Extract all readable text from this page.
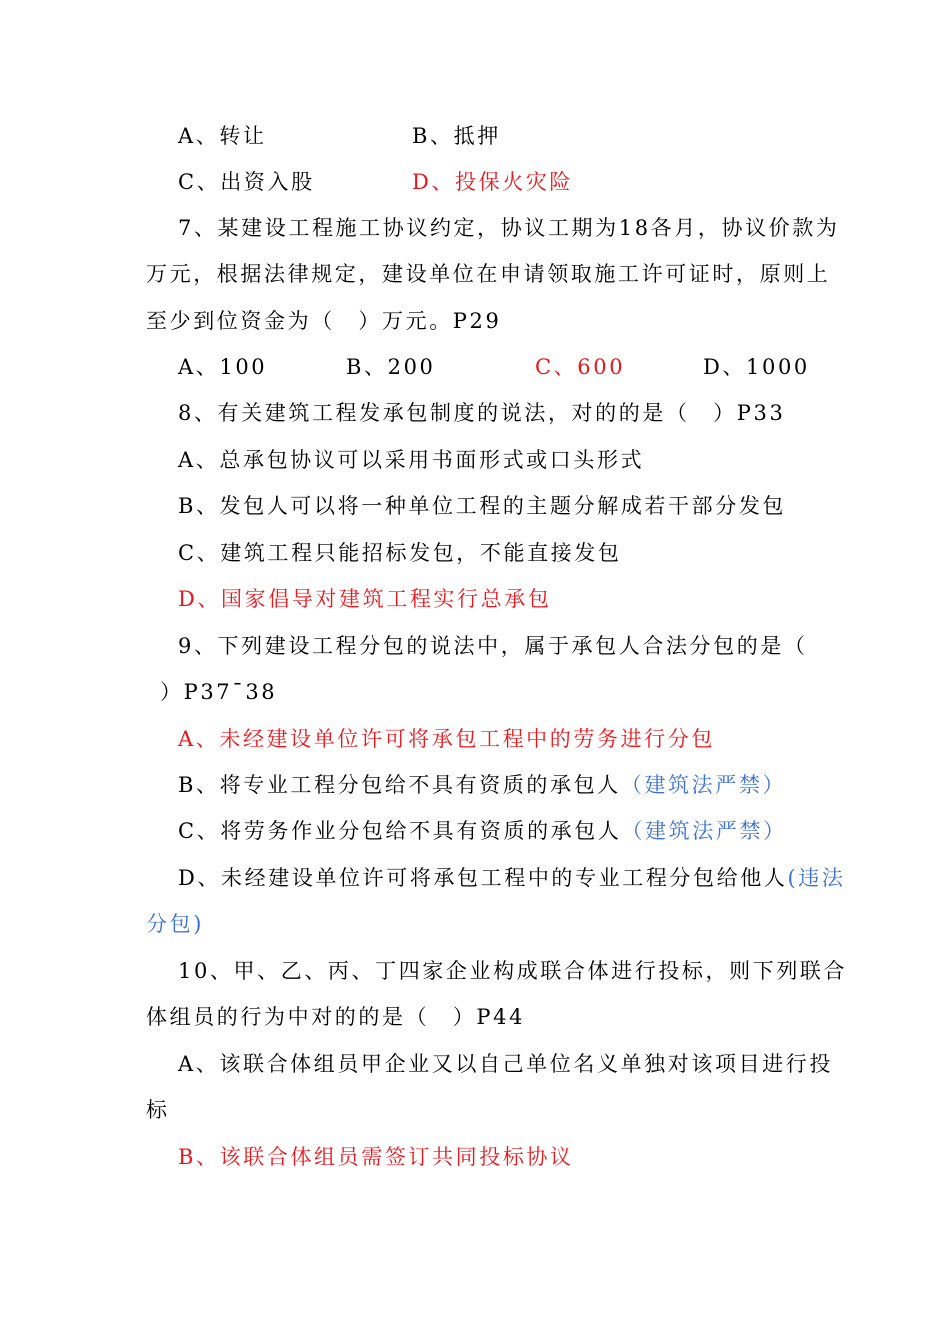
A、转让	B、抵押
C、出资入股	D、投保火灾险
7、某建设工程施工协议约定，协议工期为18各月，协议价款为
万元，根据法律规定，建设单位在申请领取施工许可证时，原则上
至少到位资金为（　）万元。P29
A、100	B、200	C、600	D、1000
8、有关建筑工程发承包制度的说法，对的的是（　）P33
A、总承包协议可以采用书面形式或口头形式
B、发包人可以将一种单位工程的主题分解成若干部分发包
C、建筑工程只能招标发包，不能直接发包
D、国家倡导对建筑工程实行总承包
9、下列建设工程分包的说法中，属于承包人合法分包的是（
）P37¯38
A、未经建设单位许可将承包工程中的劳务进行分包
B、将专业工程分包给不具有资质的承包人（建筑法严禁）
C、将劳务作业分包给不具有资质的承包人（建筑法严禁）
D、未经建设单位许可将承包工程中的专业工程分包给他人(违法
分包)
10、甲、乙、丙、丁四家企业构成联合体进行投标，则下列联合
体组员的行为中对的的是（　）P44
A、该联合体组员甲企业又以自己单位名义单独对该项目进行投
标
B、该联合体组员需签订共同投标协议
